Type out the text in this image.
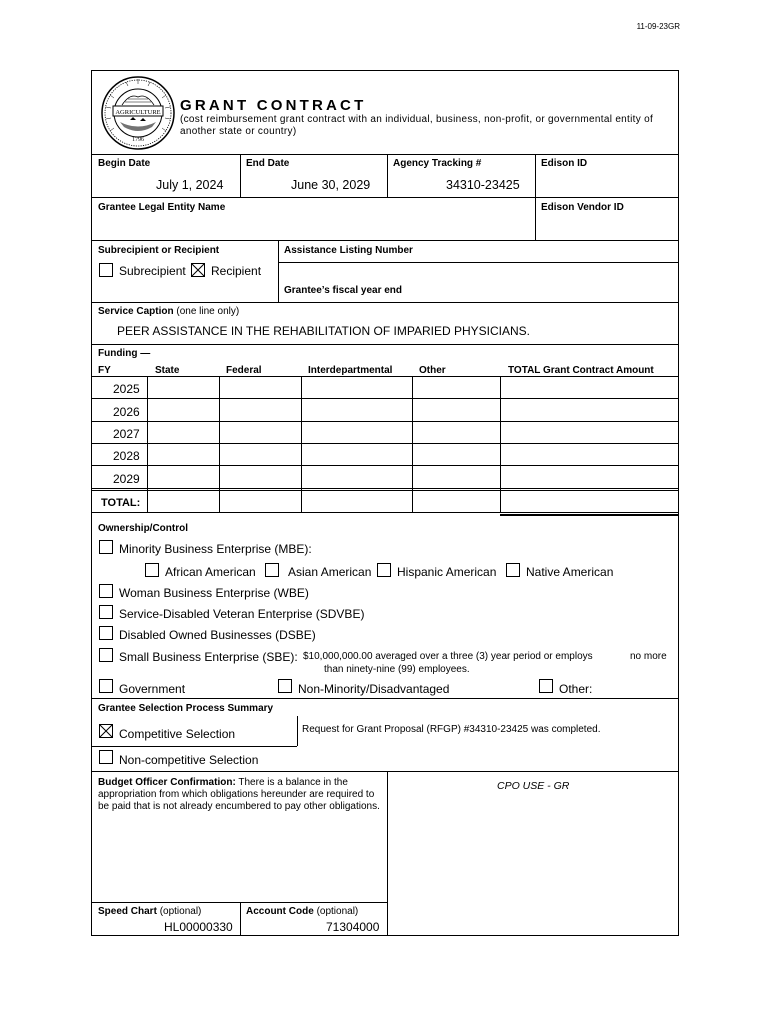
11-09-23GR
AGRICULTURE
1796
GRANT CONTRACT
(cost reimbursement grant contract with an individual, business, non-profit, or governmental entity of another state or country)
Begin Date
July 1, 2024
End Date
June 30, 2029
Agency Tracking #
34310-23425
Edison ID
Grantee Legal Entity Name	Edison Vendor ID
Subrecipient or Recipient
Subrecipient Recipient
Assistance Listing Number
Grantee’s fiscal year end
Service Caption (one line only)
PEER ASSISTANCE IN THE REHABILITATION OF IMPARIED PHYSICIANS.
Funding —
FY	State	Federal	Interdepartmental	Other	TOTAL Grant Contract Amount
2025
2026
2027
2028
2029
TOTAL:
Ownership/Control
Minority Business Enterprise (MBE):
African American	Asian American Hispanic American Native American
Woman Business Enterprise (WBE)
Service-Disabled Veteran Enterprise (SDVBE)
Disabled Owned Businesses (DSBE)
Small Business Enterprise (SBE): $10,000,000.00 averaged over a three (3) year period or employs	no more
than ninety-nine (99) employees.
Government	Non-Minority/Disadvantaged	Other:
Grantee Selection Process Summary
Competitive Selection	Request for Grant Proposal (RFGP) #34310-23425 was completed.
Non-competitive Selection
Budget Officer Confirmation: There is a balance in the appropriation from which obligations hereunder are required to be paid that is not already encumbered to pay other obligations.
CPO USE - GR
Speed Chart (optional)
HL00000330
Account Code (optional)
71304000
